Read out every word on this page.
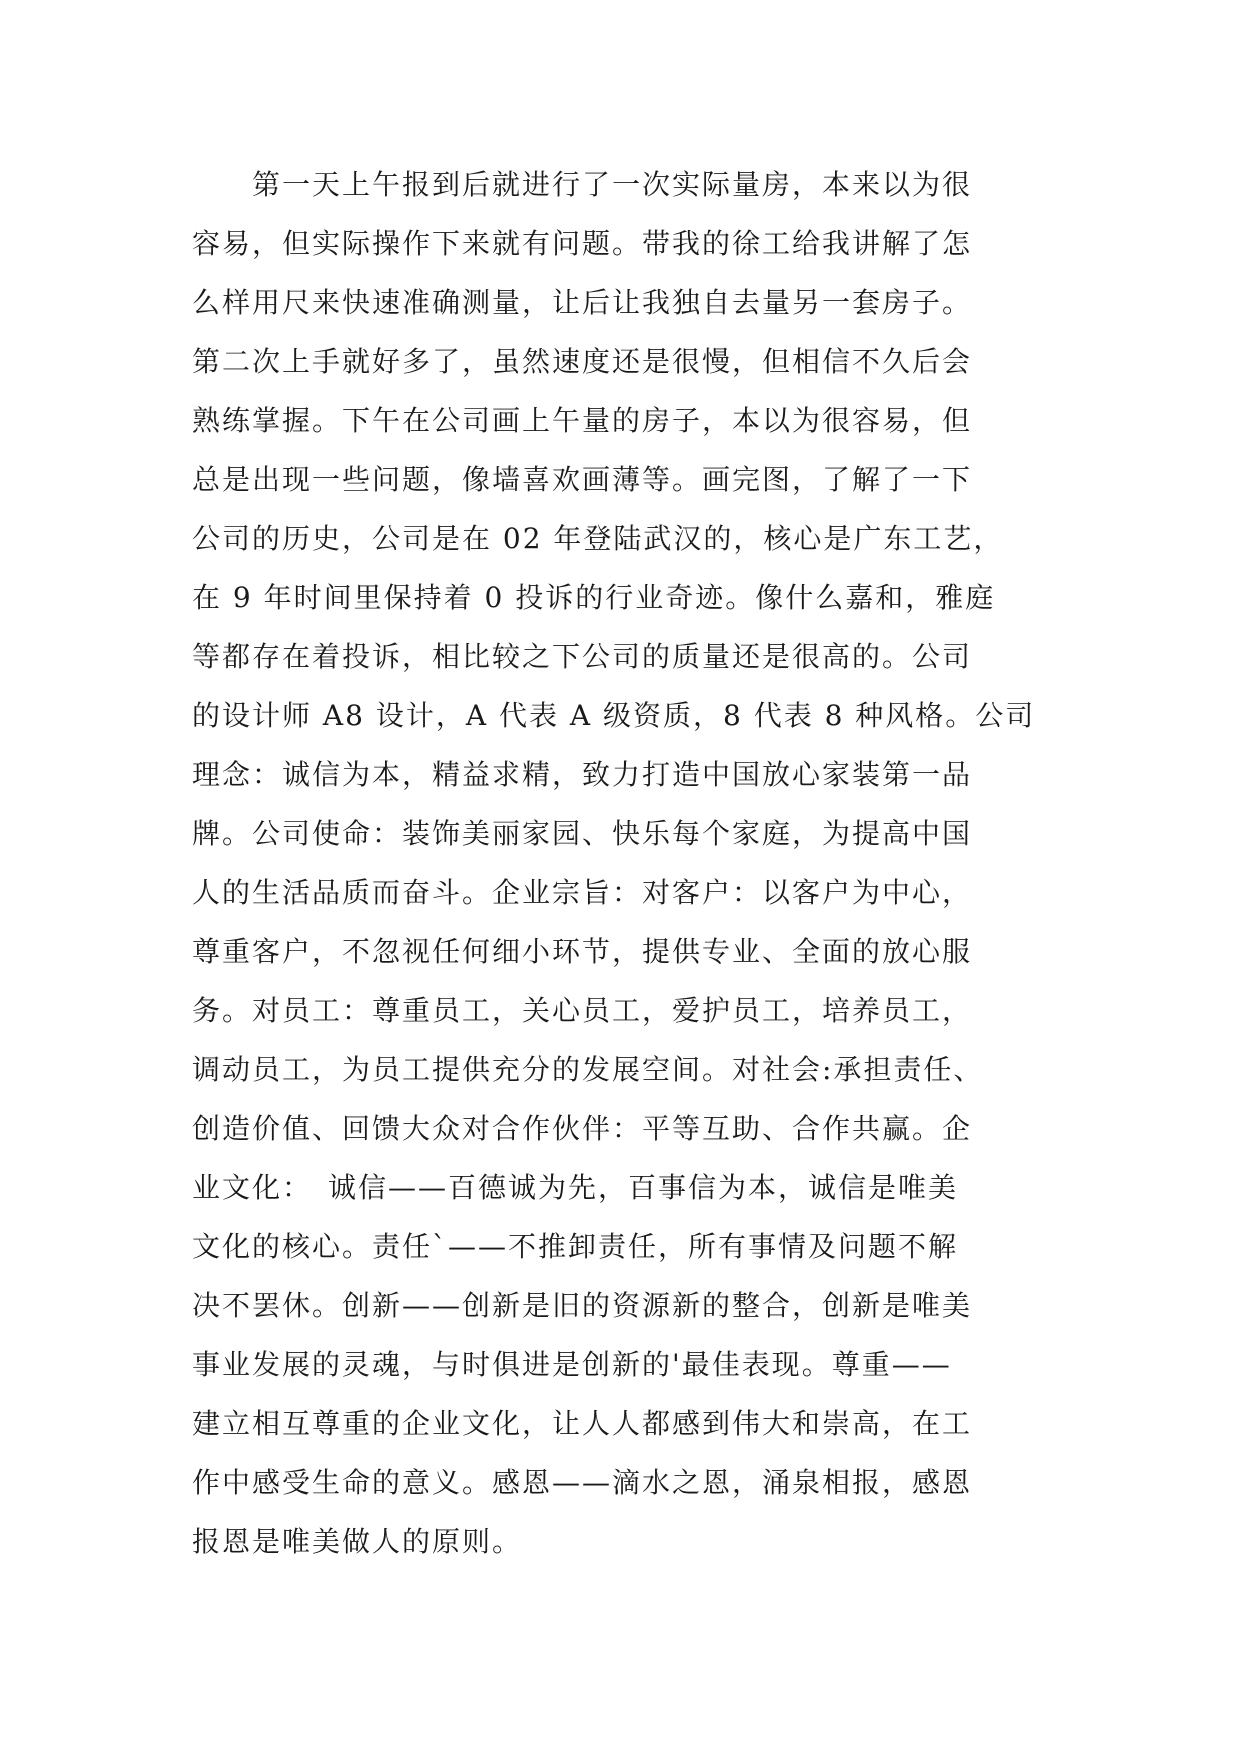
　　第一天上午报到后就进行了一次实际量房，本来以为很
容易，但实际操作下来就有问题。带我的徐工给我讲解了怎
么样用尺来快速准确测量，让后让我独自去量另一套房子。
第二次上手就好多了，虽然速度还是很慢，但相信不久后会
熟练掌握。下午在公司画上午量的房子，本以为很容易，但
总是出现一些问题，像墙喜欢画薄等。画完图，了解了一下
公司的历史，公司是在 02 年登陆武汉的，核心是广东工艺，
在 9 年时间里保持着 0 投诉的行业奇迹。像什么嘉和，雅庭
等都存在着投诉，相比较之下公司的质量还是很高的。公司
的设计师 A8 设计，A 代表 A 级资质，8 代表 8 种风格。公司
理念：诚信为本，精益求精，致力打造中国放心家装第一品
牌。公司使命：装饰美丽家园、快乐每个家庭，为提高中国
人的生活品质而奋斗。企业宗旨：对客户：以客户为中心，
尊重客户，不忽视任何细小环节，提供专业、全面的放心服
务。对员工：尊重员工，关心员工，爱护员工，培养员工，
调动员工，为员工提供充分的发展空间。对社会:承担责任、
创造价值、回馈大众对合作伙伴：平等互助、合作共赢。企
业文化：　诚信——百德诚为先，百事信为本，诚信是唯美
文化的核心。责任`——不推卸责任，所有事情及问题不解
决不罢休。创新——创新是旧的资源新的整合，创新是唯美
事业发展的灵魂，与时俱进是创新的'最佳表现。尊重——
建立相互尊重的企业文化，让人人都感到伟大和崇高，在工
作中感受生命的意义。感恩——滴水之恩，涌泉相报，感恩
报恩是唯美做人的原则。
